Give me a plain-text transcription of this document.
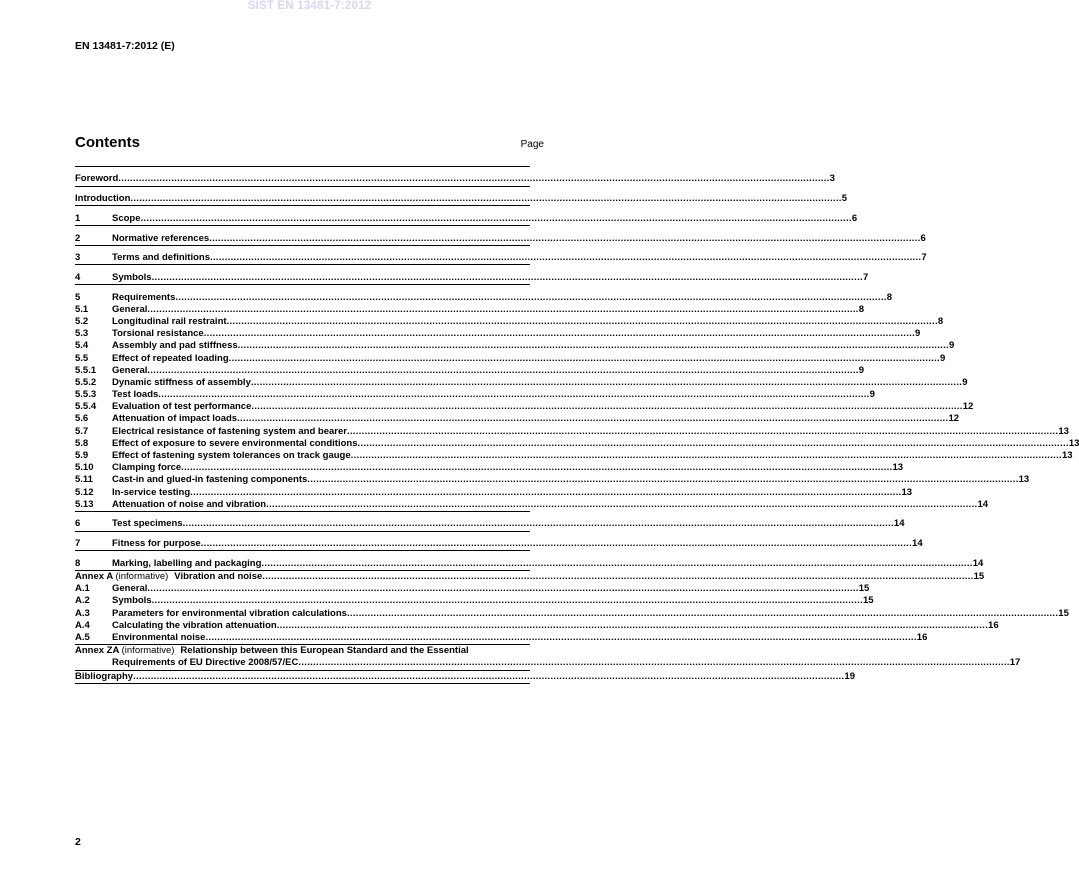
SIST EN 13481-7:2012
EN 13481-7:2012 (E)
Contents	Page
Foreword .................................................................................................................................................................................................................................................. 3
Introduction .................................................................................................................................................................................................................................................. 5
1	Scope .................................................................................................................................................................................................................................................. 6
2	Normative references .................................................................................................................................................................................................................................................. 6
3	Terms and definitions .................................................................................................................................................................................................................................................. 7
4	Symbols .................................................................................................................................................................................................................................................. 7
5	Requirements .................................................................................................................................................................................................................................................. 8
5.1	General .................................................................................................................................................................................................................................................. 8
5.2	Longitudinal rail restraint .................................................................................................................................................................................................................................................. 8
5.3	Torsional resistance .................................................................................................................................................................................................................................................. 9
5.4	Assembly and pad stiffness .................................................................................................................................................................................................................................................. 9
5.5	Effect of repeated loading .................................................................................................................................................................................................................................................. 9
5.5.1	General .................................................................................................................................................................................................................................................. 9
5.5.2	Dynamic stiffness of assembly .................................................................................................................................................................................................................................................. 9
5.5.3	Test loads .................................................................................................................................................................................................................................................. 9
5.5.4	Evaluation of test performance .................................................................................................................................................................................................................................................. 12
5.6	Attenuation of impact loads .................................................................................................................................................................................................................................................. 12
5.7	Electrical resistance of fastening system and bearer .................................................................................................................................................................................................................................................. 13
5.8	Effect of exposure to severe environmental conditions .................................................................................................................................................................................................................................................. 13
5.9	Effect of fastening system tolerances on track gauge .................................................................................................................................................................................................................................................. 13
5.10	Clamping force .................................................................................................................................................................................................................................................. 13
5.11	Cast-in and glued-in fastening components .................................................................................................................................................................................................................................................. 13
5.12	In-service testing .................................................................................................................................................................................................................................................. 13
5.13	Attenuation of noise and vibration .................................................................................................................................................................................................................................................. 14
6	Test specimens .................................................................................................................................................................................................................................................. 14
7	Fitness for purpose .................................................................................................................................................................................................................................................. 14
8	Marking, labelling and packaging .................................................................................................................................................................................................................................................. 14
Annex A (informative) Vibration and noise .................................................................................................................................................................................................................................................. 15
A.1	General .................................................................................................................................................................................................................................................. 15
A.2	Symbols .................................................................................................................................................................................................................................................. 15
A.3	Parameters for environmental vibration calculations .................................................................................................................................................................................................................................................. 15
A.4	Calculating the vibration attenuation .................................................................................................................................................................................................................................................. 16
A.5	Environmental noise .................................................................................................................................................................................................................................................. 16
Annex ZA (informative) Relationship between this European Standard and the Essential
Requirements of EU Directive 2008/57/EC .................................................................................................................................................................................................................................................. 17
Bibliography .................................................................................................................................................................................................................................................. 19
2
